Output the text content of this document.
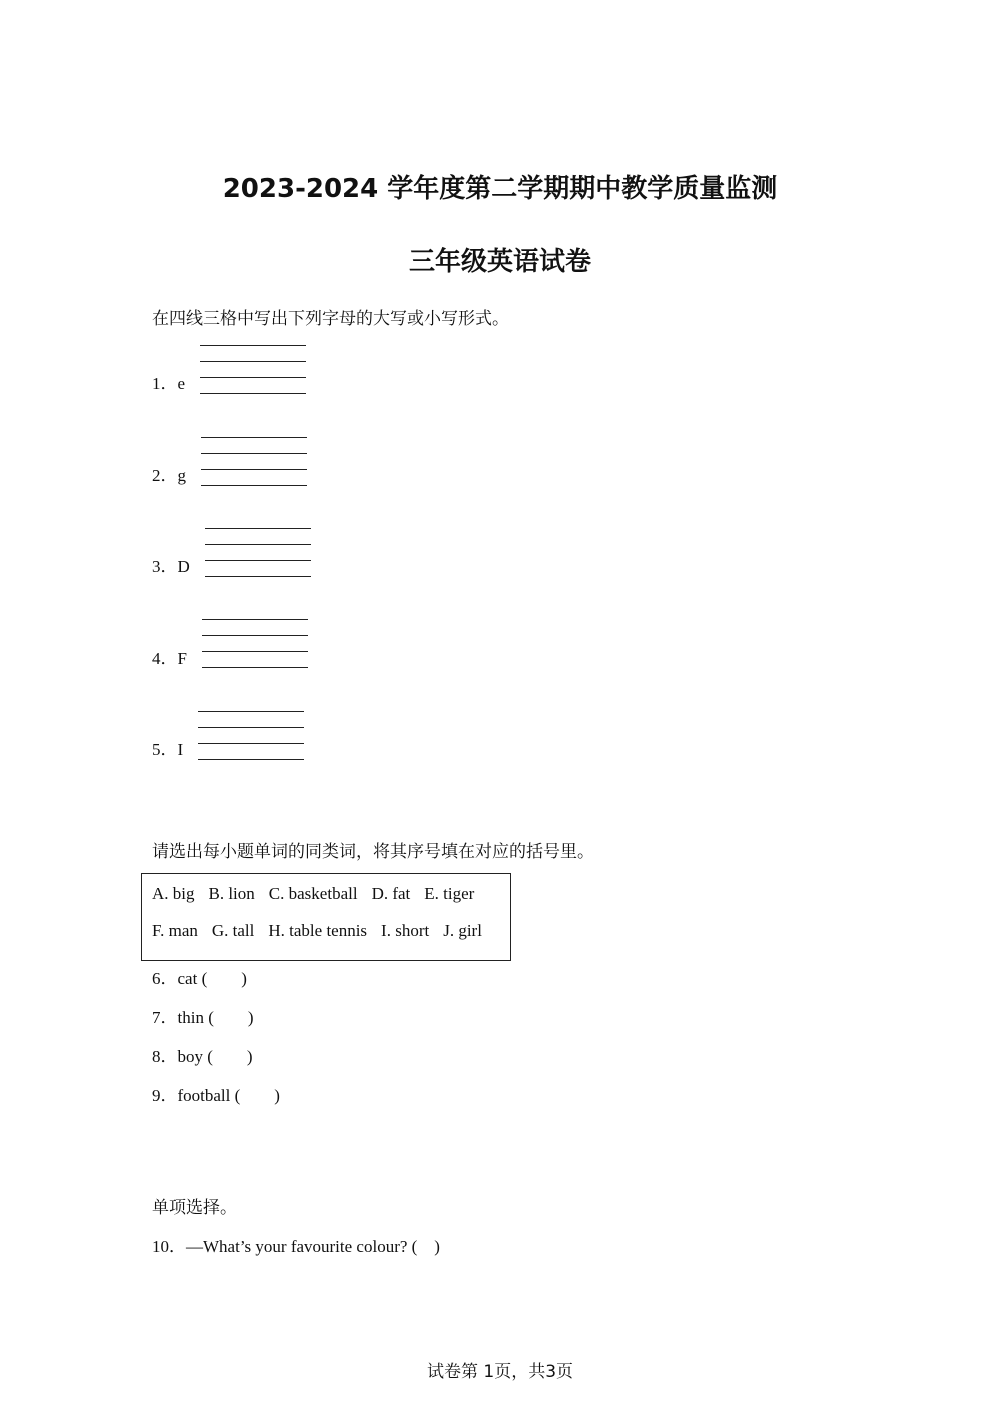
2023-2024 学年度第二学期期中教学质量监测
三年级英语试卷
在四线三格中写出下列字母的大写或小写形式。
1．e
2．g
3．D
4．F
5．I
请选出每小题单词的同类词，将其序号填在对应的括号里。
A. big B. lion C. basketball D. fat E. tiger
F. man G. tall H. table tennis I. short J. girl
6．cat (　　)
7．thin (　　)
8．boy (　　)
9．football (　　)
单项选择。
10．—What’s your favourite colour? (　)
试卷第 1页，共3页
